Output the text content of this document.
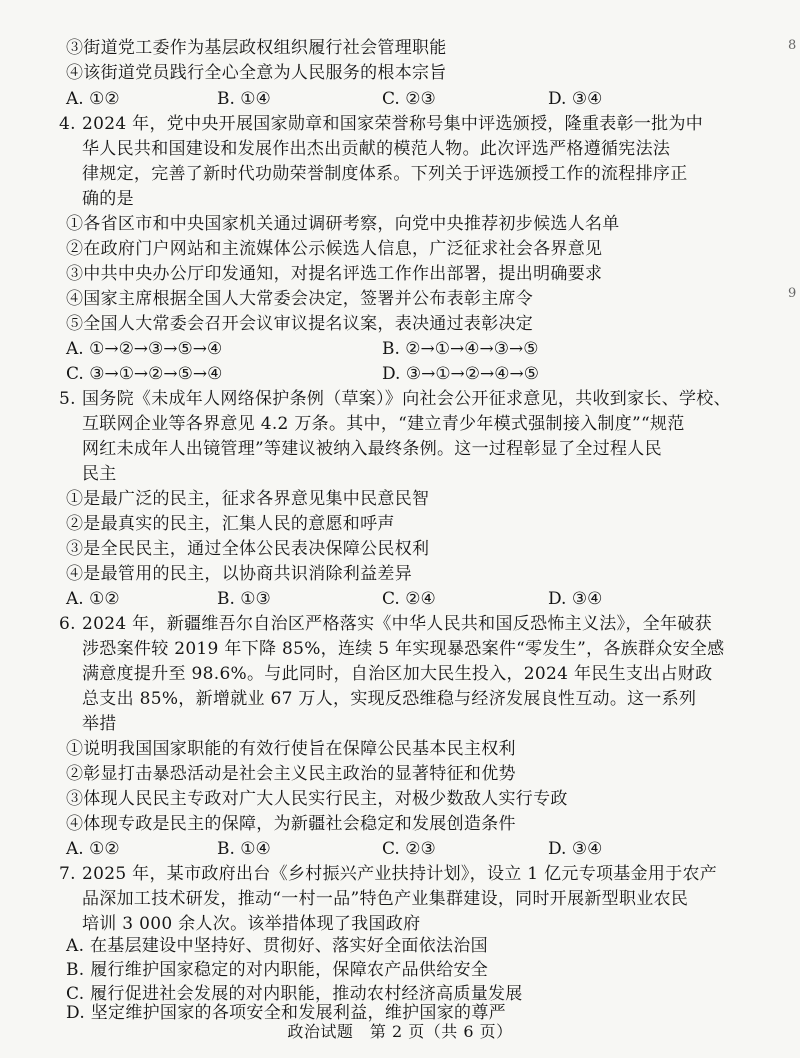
③街道党工委作为基层政权组织履行社会管理职能
④该街道党员践行全心全意为人民服务的根本宗旨
A. ①②	B. ①④	C. ②③	D. ③④
4. 2024 年，党中央开展国家勋章和国家荣誉称号集中评选颁授，隆重表彰一批为中
华人民共和国建设和发展作出杰出贡献的模范人物。此次评选严格遵循宪法法
律规定，完善了新时代功勋荣誉制度体系。下列关于评选颁授工作的流程排序正
确的是
①各省区市和中央国家机关通过调研考察，向党中央推荐初步候选人名单
②在政府门户网站和主流媒体公示候选人信息，广泛征求社会各界意见
③中共中央办公厅印发通知，对提名评选工作作出部署，提出明确要求
④国家主席根据全国人大常委会决定，签署并公布表彰主席令
⑤全国人大常委会召开会议审议提名议案，表决通过表彰决定
A. ①→②→③→⑤→④	B. ②→①→④→③→⑤
C. ③→①→②→⑤→④	D. ③→①→②→④→⑤
5. 国务院《未成年人网络保护条例（草案）》向社会公开征求意见，共收到家长、学校、
互联网企业等各界意见 4.2 万条。其中，“建立青少年模式强制接入制度”“规范
网红未成年人出镜管理”等建议被纳入最终条例。这一过程彰显了全过程人民
民主
①是最广泛的民主，征求各界意见集中民意民智
②是最真实的民主，汇集人民的意愿和呼声
③是全民民主，通过全体公民表决保障公民权利
④是最管用的民主，以协商共识消除利益差异
A. ①②	B. ①③	C. ②④	D. ③④
6. 2024 年，新疆维吾尔自治区严格落实《中华人民共和国反恐怖主义法》，全年破获
涉恐案件较 2019 年下降 85%，连续 5 年实现暴恐案件“零发生”，各族群众安全感
满意度提升至 98.6%。与此同时，自治区加大民生投入，2024 年民生支出占财政
总支出 85%，新增就业 67 万人，实现反恐维稳与经济发展良性互动。这一系列
举措
①说明我国国家职能的有效行使旨在保障公民基本民主权利
②彰显打击暴恐活动是社会主义民主政治的显著特征和优势
③体现人民民主专政对广大人民实行民主，对极少数敌人实行专政
④体现专政是民主的保障，为新疆社会稳定和发展创造条件
A. ①②	B. ①④	C. ②③	D. ③④
7. 2025 年，某市政府出台《乡村振兴产业扶持计划》，设立 1 亿元专项基金用于农产
品深加工技术研发，推动“一村一品”特色产业集群建设，同时开展新型职业农民
培训 3 000 余人次。该举措体现了我国政府
A. 在基层建设中坚持好、贯彻好、落实好全面依法治国
B. 履行维护国家稳定的对内职能，保障农产品供给安全
C. 履行促进社会发展的对内职能，推动农村经济高质量发展
D. 坚定维护国家的各项安全和发展利益，维护国家的尊严
政治试题　第 2 页（共 6 页）
8
9
